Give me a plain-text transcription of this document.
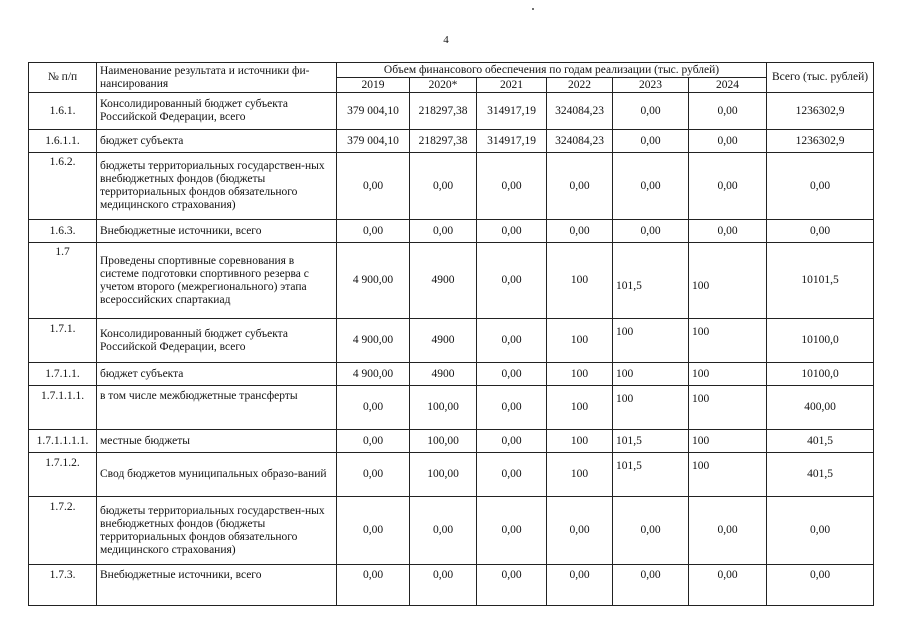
4
№ п/п	Наименование результата и источники фи-нансирования	Объем финансового обеспечения по годам реализации (тыс. рублей)						Всего (тыс. рублей)
		2019	2020*	2021	2022	2023	2024	
1.6.1.	Консолидированный бюджет субъекта Российской Федерации, всего	379 004,10	218297,38	314917,19	324084,23	0,00	0,00	1236302,9
1.6.1.1.	бюджет субъекта	379 004,10	218297,38	314917,19	324084,23	0,00	0,00	1236302,9
1.6.2.	бюджеты территориальных государствен-ных внебюджетных фондов (бюджеты территориальных фондов обязательного медицинского страхования)	0,00	0,00	0,00	0,00	0,00	0,00	0,00
1.6.3.	Внебюджетные источники, всего	0,00	0,00	0,00	0,00	0,00	0,00	0,00
1.7	Проведены спортивные соревнования в системе подготовки спортивного резерва с учетом второго (межрегионального) этапа всероссийских спартакиад	4 900,00	4900	0,00	100	101,5	100	10101,5
1.7.1.	Консолидированный бюджет субъекта Российской Федерации, всего	4 900,00	4900	0,00	100	100	100	10100,0
1.7.1.1.	бюджет субъекта	4 900,00	4900	0,00	100	100	100	10100,0
1.7.1.1.1.	в том числе межбюджетные трансферты	0,00	100,00	0,00	100	100	100	400,00
1.7.1.1.1.1.	местные бюджеты	0,00	100,00	0,00	100	101,5	100	401,5
1.7.1.2.	Свод бюджетов муниципальных образо-ваний	0,00	100,00	0,00	100	101,5	100	401,5
1.7.2.	бюджеты территориальных государствен-ных внебюджетных фондов (бюджеты территориальных фондов обязательного медицинского страхования)	0,00	0,00	0,00	0,00	0,00	0,00	0,00
1.7.3.	Внебюджетные источники, всего	0,00	0,00	0,00	0,00	0,00	0,00	0,00
